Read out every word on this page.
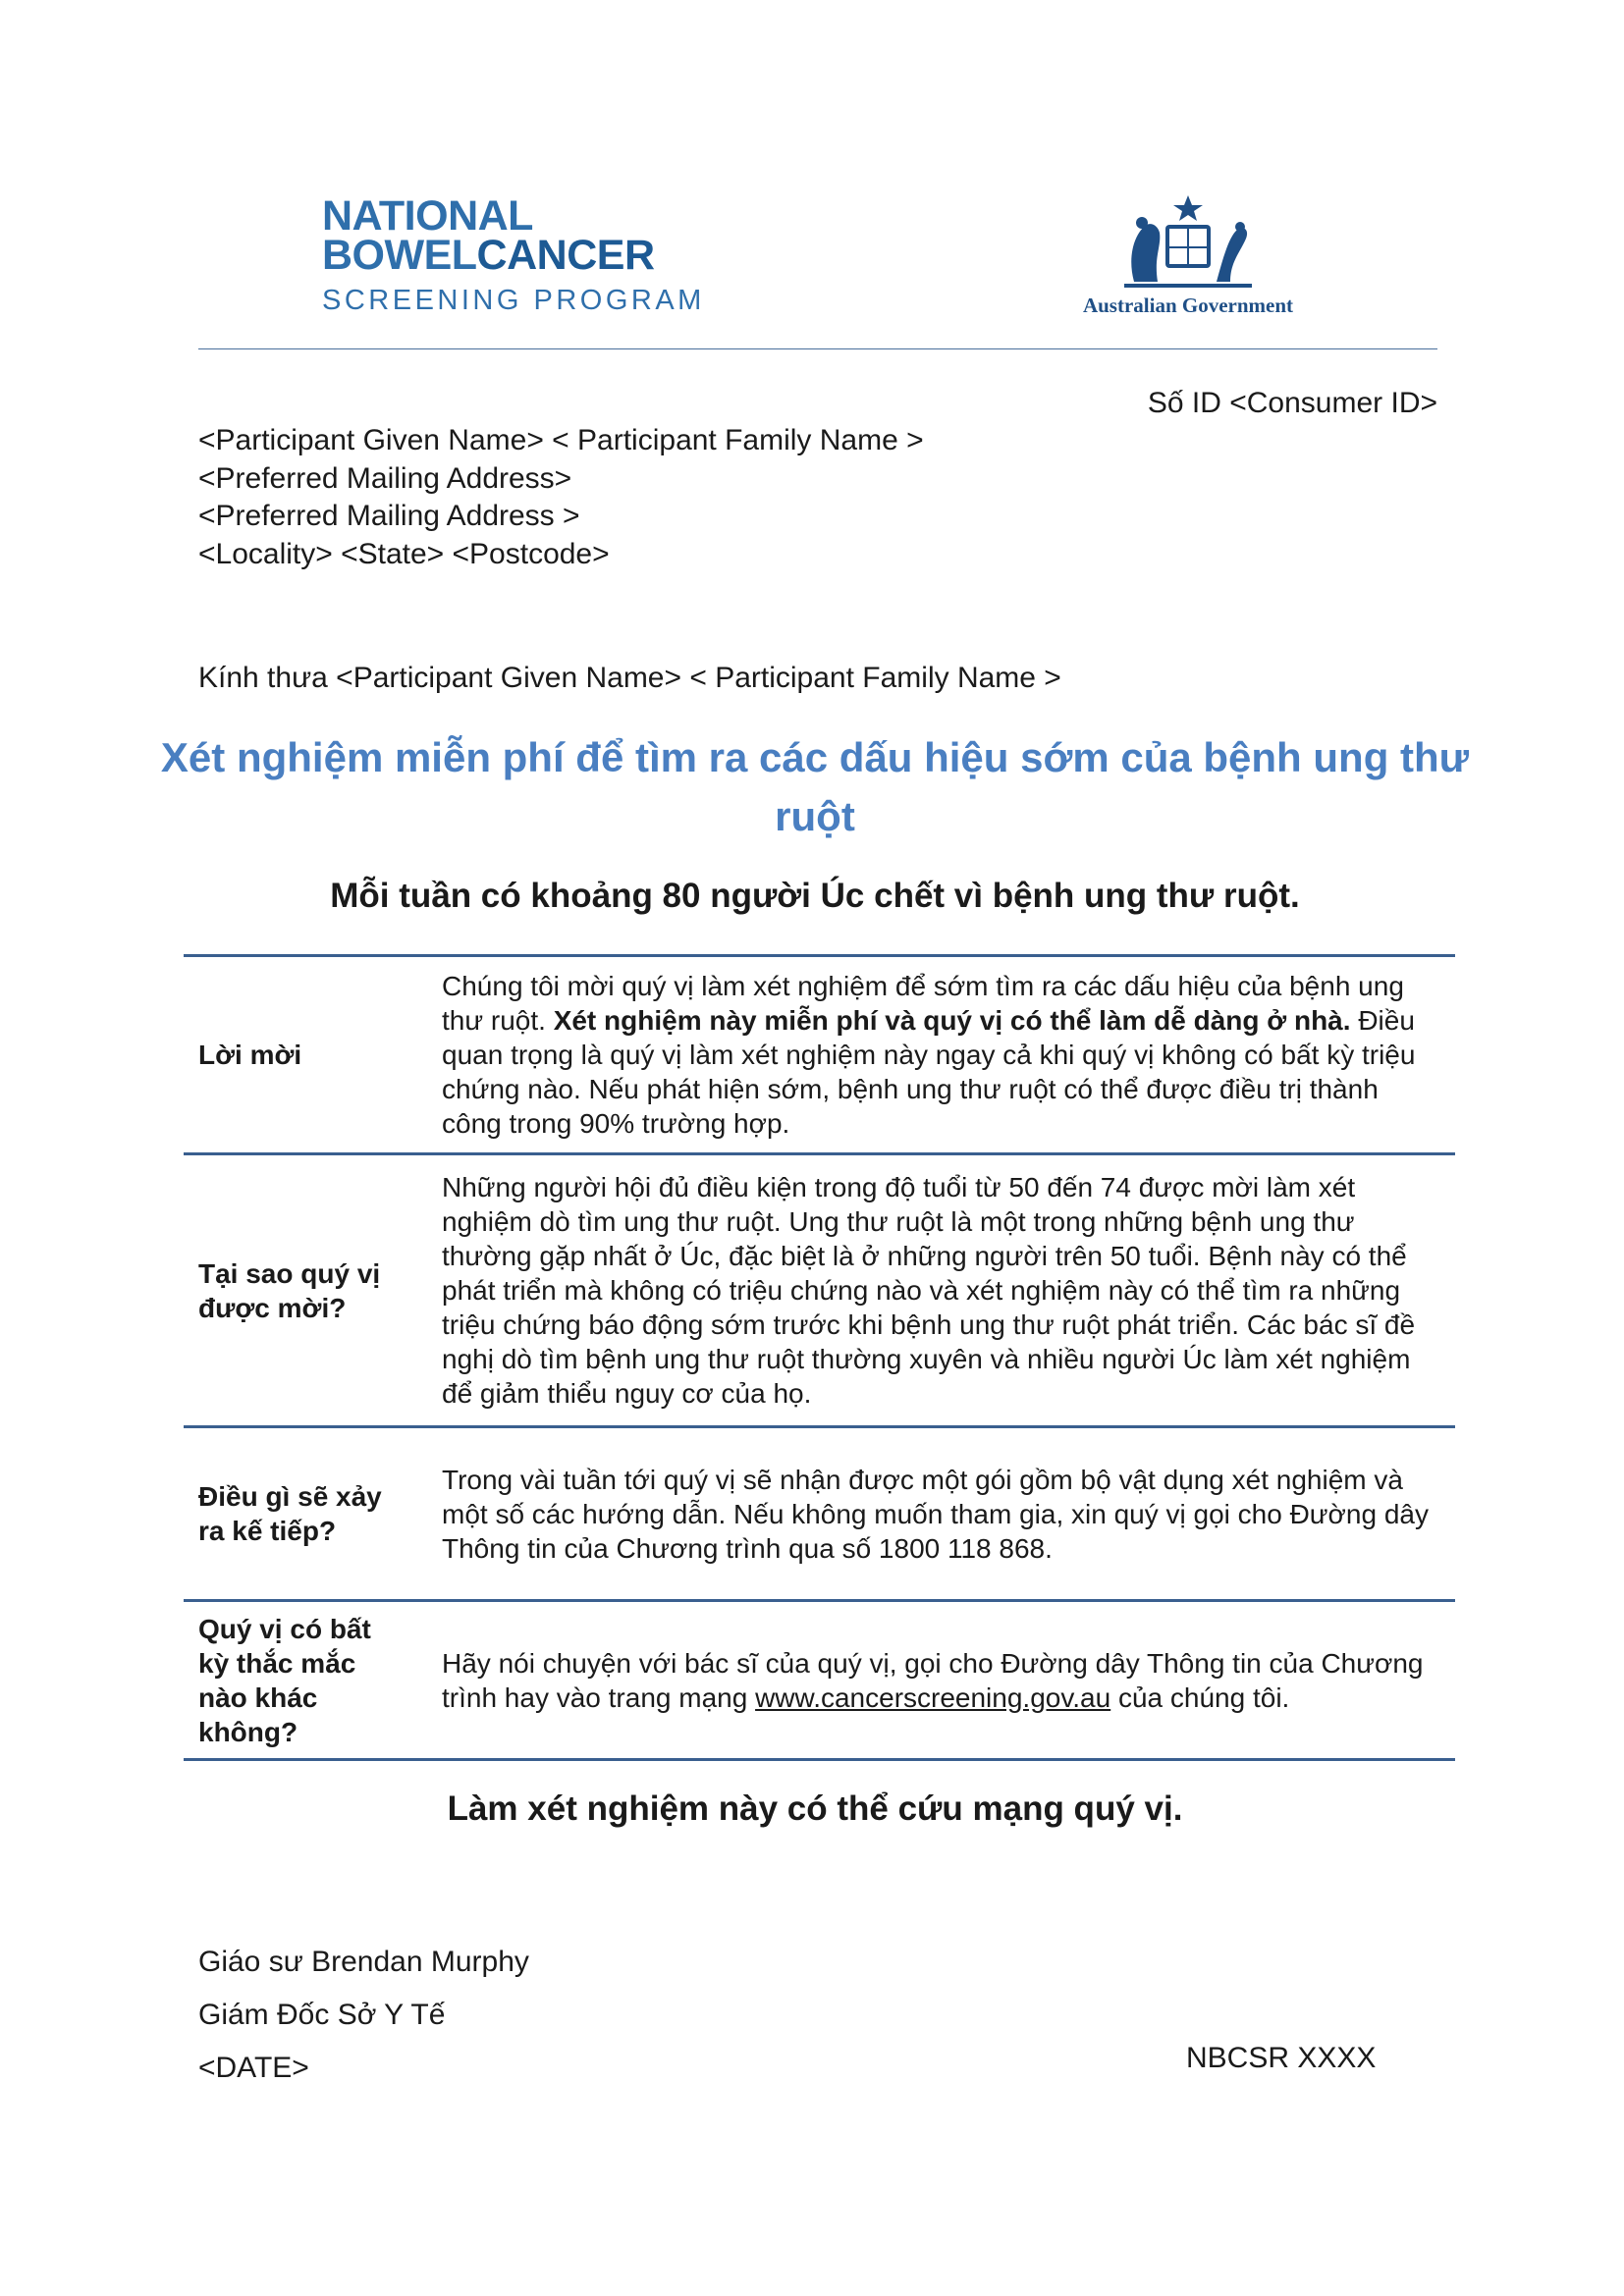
NATIONAL
BOWELCANCER
SCREENING PROGRAM	Australian Government
Số ID <Consumer ID>
<Participant Given Name> < Participant Family Name >
<Preferred Mailing Address>
<Preferred Mailing Address >
<Locality> <State> <Postcode>
Kính thưa <Participant Given Name> < Participant Family Name >
Xét nghiệm miễn phí để tìm ra các dấu hiệu sớm của bệnh ung thư ruột
Mỗi tuần có khoảng 80 người Úc chết vì bệnh ung thư ruột.
Lời mời	Chúng tôi mời quý vị làm xét nghiệm để sớm tìm ra các dấu hiệu của bệnh ung thư ruột. Xét nghiệm này miễn phí và quý vị có thể làm dễ dàng ở nhà. Điều quan trọng là quý vị làm xét nghiệm này ngay cả khi quý vị không có bất kỳ triệu chứng nào. Nếu phát hiện sớm, bệnh ung thư ruột có thể được điều trị thành công trong 90% trường hợp.
Tại sao quý vị được mời?	Những người hội đủ điều kiện trong độ tuổi từ 50 đến 74 được mời làm xét nghiệm dò tìm ung thư ruột. Ung thư ruột là một trong những bệnh ung thư thường gặp nhất ở Úc, đặc biệt là ở những người trên 50 tuổi. Bệnh này có thể phát triển mà không có triệu chứng nào và xét nghiệm này có thể tìm ra những triệu chứng báo động sớm trước khi bệnh ung thư ruột phát triển. Các bác sĩ đề nghị dò tìm bệnh ung thư ruột thường xuyên và nhiều người Úc làm xét nghiệm để giảm thiểu nguy cơ của họ.
Điều gì sẽ xảy ra kế tiếp?	Trong vài tuần tới quý vị sẽ nhận được một gói gồm bộ vật dụng xét nghiệm và một số các hướng dẫn. Nếu không muốn tham gia, xin quý vị gọi cho Đường dây Thông tin của Chương trình qua số 1800 118 868.
Quý vị có bất kỳ thắc mắc nào khác không?	Hãy nói chuyện với bác sĩ của quý vị, gọi cho Đường dây Thông tin của Chương trình hay vào trang mạng www.cancerscreening.gov.au của chúng tôi.
Làm xét nghiệm này có thể cứu mạng quý vị.
Giáo sư Brendan Murphy
Giám Đốc Sở Y Tế
<DATE>	NBCSR XXXX
